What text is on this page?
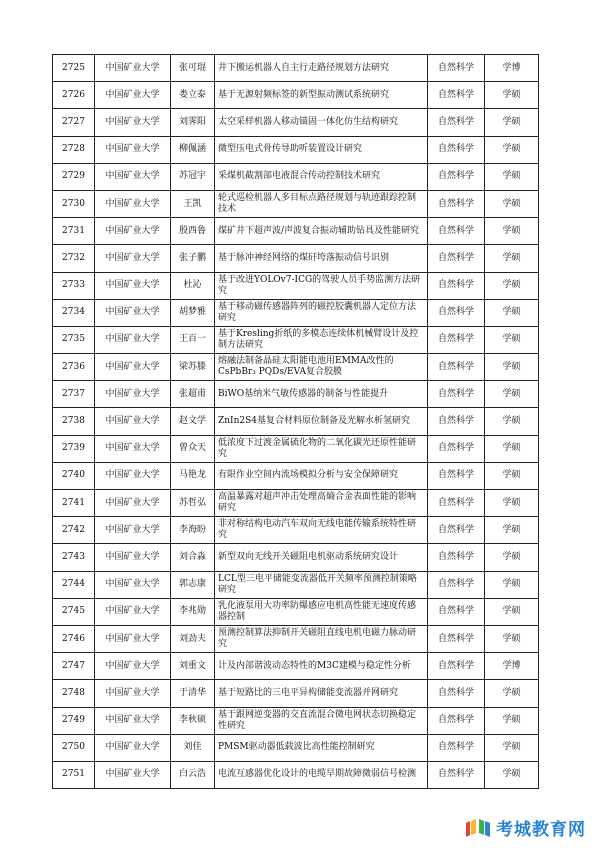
2725	中国矿业大学	张可琨	井下搬运机器人自主行走路径规划方法研究	自然科学	学博
2726	中国矿业大学	娄立泰	基于无源射频标签的新型振动测试系统研究	自然科学	学硕
2727	中国矿业大学	刘霁阳	太空采样机器人移动锚固一体化仿生结构研究	自然科学	学硕
2728	中国矿业大学	柳佩涵	微型压电式骨传导助听装置设计研究	自然科学	学硕
2729	中国矿业大学	苏冠宇	采煤机截割部电液混合传动控制技术研究	自然科学	学硕
2730	中国矿业大学	王凯	轮式巡检机器人多目标点路径规划与轨迹跟踪控制技术	自然科学	学硕
2731	中国矿业大学	殷西鲁	煤矿井下超声波/声波复合振动辅助钻具及性能研究	自然科学	学硕
2732	中国矿业大学	张子鹏	基于脉冲神经网络的煤矸垮落振动信号识别	自然科学	学硕
2733	中国矿业大学	杜沁	基于改进YOLOv7-ICG的驾驶人员手势监测方法研究	自然科学	学硕
2734	中国矿业大学	胡梦雅	基于移动磁传感器阵列的磁控胶囊机器人定位方法研究	自然科学	学硕
2735	中国矿业大学	王百一	基于Kresling折纸的多模态连续体机械臂设计及控制方法研究	自然科学	学硕
2736	中国矿业大学	梁苏滕	熔融法制备晶硅太阳能电池用EMMA改性的CsPbBr₃ PQDs/EVA复合胶膜	自然科学	学硕
2737	中国矿业大学	张超甫	BiWO基纳米气敏传感器的制备与性能提升	自然科学	学硕
2738	中国矿业大学	赵文学	ZnIn2S4基复合材料原位制备及光解水析氢研究	自然科学	学硕
2739	中国矿业大学	曾众天	低浓度下过渡金属硫化物的二氧化碳光还原性能研究	自然科学	学硕
2740	中国矿业大学	马艳龙	有限作业空间内流场模拟分析与安全保障研究	自然科学	学硕
2741	中国矿业大学	苏哲弘	高温暴露对超声冲击处理高熵合金表面性能的影响研究	自然科学	学硕
2742	中国矿业大学	李海盼	非对称结构电动汽车双向无线电能传输系统特性研究	自然科学	学硕
2743	中国矿业大学	刘合淼	新型双向无线开关磁阻电机驱动系统研究设计	自然科学	学硕
2744	中国矿业大学	郭志康	LCL型三电平储能变流器低开关频率预测控制策略研究	自然科学	学硕
2745	中国矿业大学	李兆勋	乳化液泵用大功率防爆感应电机高性能无速度传感器控制	自然科学	学硕
2746	中国矿业大学	刘劲夫	预测控制算法抑制开关磁阻直线电机电磁力脉动研究	自然科学	学硕
2747	中国矿业大学	刘重文	计及内部谐波动态特性的M3C建模与稳定性分析	自然科学	学博
2748	中国矿业大学	于清华	基于短路比的三电平异构储能变流器并网研究	自然科学	学硕
2749	中国矿业大学	李秋硕	基于跟网逆变器的交直流混合微电网状态切换稳定性研究	自然科学	学硕
2750	中国矿业大学	刘佳	PMSM驱动器低载波比高性能控制研究	自然科学	学硕
2751	中国矿业大学	白云浩	电流互感器优化设计的电缆早期故障微弱信号检测	自然科学	学硕
考城教育网
